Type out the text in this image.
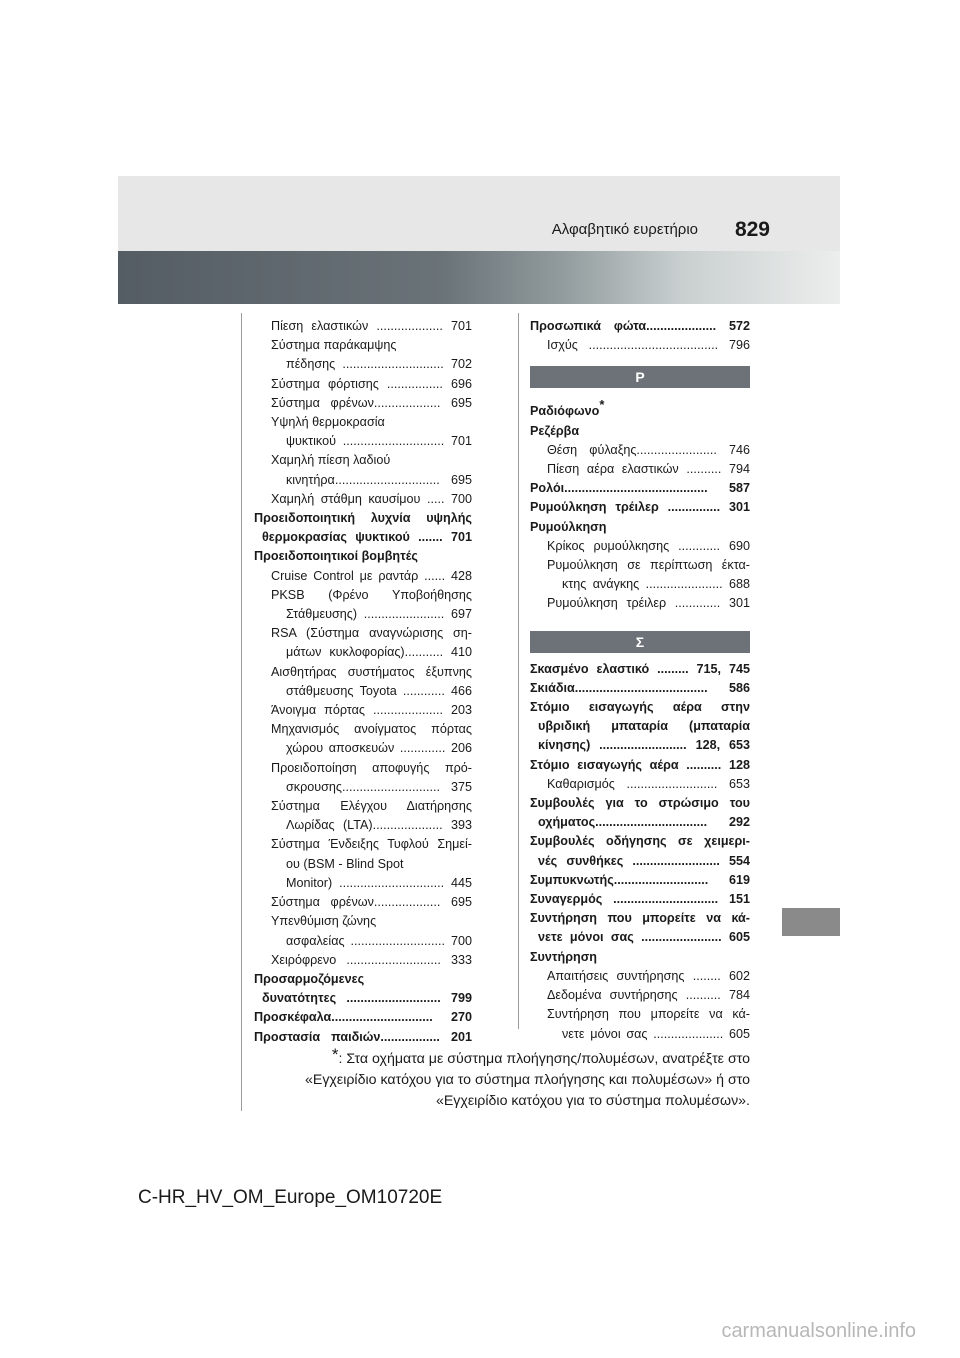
Αλφαβητικό ευρετήριο 829
Πίεση ελαστικών ................... 701
Σύστημα παράκαμψης
πέδησης ............................. 702
Σύστημα φόρτισης ................ 696
Σύστημα φρένων................... 695
Υψηλή θερμοκρασία
ψυκτικού ............................. 701
Χαμηλή πίεση λαδιού
κινητήρα.............................. 695
Χαμηλή στάθμη καυσίμου ..... 700
Προειδοποιητική λυχνία υψηλής
θερμοκρασίας ψυκτικού ....... 701
Προειδοποιητικοί βομβητές
Cruise Control με ραντάρ ...... 428
PKSB (Φρένο Υποβοήθησης
Στάθμευσης) ....................... 697
RSA (Σύστημα αναγνώρισης ση-
μάτων κυκλοφορίας)........... 410
Αισθητήρας συστήματος έξυπνης
στάθμευσης Toyota ............ 466
Άνοιγμα πόρτας .................... 203
Μηχανισμός ανοίγματος πόρτας
χώρου αποσκευών ............. 206
Προειδοποίηση αποφυγής πρό-
σκρουσης............................ 375
Σύστημα Ελέγχου Διατήρησης
Λωρίδας (LTA).................... 393
Σύστημα Ένδειξης Τυφλού Σημεί-
ου (BSM - Blind Spot
Monitor) .............................. 445
Σύστημα φρένων................... 695
Υπενθύμιση ζώνης
ασφαλείας ........................... 700
Χειρόφρενο ........................... 333
Προσαρμοζόμενες
δυνατότητες ........................... 799
Προσκέφαλα............................. 270
Προστασία παιδιών................. 201
Προσωπικά φώτα.................... 572
Ισχύς ..................................... 796
Ρ
Ραδιόφωνο*
Ρεζέρβα
Θέση φύλαξης....................... 746
Πίεση αέρα ελαστικών .......... 794
Ρολόι......................................... 587
Ρυμούλκηση τρέιλερ ............... 301
Ρυμούλκηση
Κρίκος ρυμούλκησης ............ 690
Ρυμούλκηση σε περίπτωση έκτα-
κτης ανάγκης ...................... 688
Ρυμούλκηση τρέιλερ ............. 301
Σ
Σκασμένο ελαστικό ......... 715, 745
Σκιάδια...................................... 586
Στόμιο εισαγωγής αέρα στην
υβριδική μπαταρία (μπαταρία
κίνησης) ......................... 128, 653
Στόμιο εισαγωγής αέρα .......... 128
Καθαρισμός .......................... 653
Συμβουλές για το στρώσιμο του
οχήματος................................ 292
Συμβουλές οδήγησης σε χειμερι-
νές συνθήκες ......................... 554
Συμπυκνωτής........................... 619
Συναγερμός .............................. 151
Συντήρηση που μπορείτε να κά-
νετε μόνοι σας ....................... 605
Συντήρηση
Απαιτήσεις συντήρησης ........ 602
Δεδομένα συντήρησης .......... 784
Συντήρηση που μπορείτε να κά-
νετε μόνοι σας .................... 605
*: Στα οχήματα με σύστημα πλοήγησης/πολυμέσων, ανατρέξτε στο
«Εγχειρίδιο κατόχου για το σύστημα πλοήγησης και πολυμέσων» ή στο
«Εγχειρίδιο κατόχου για το σύστημα πολυμέσων».
C-HR_HV_OM_Europe_OM10720E
carmanualsonline.info
